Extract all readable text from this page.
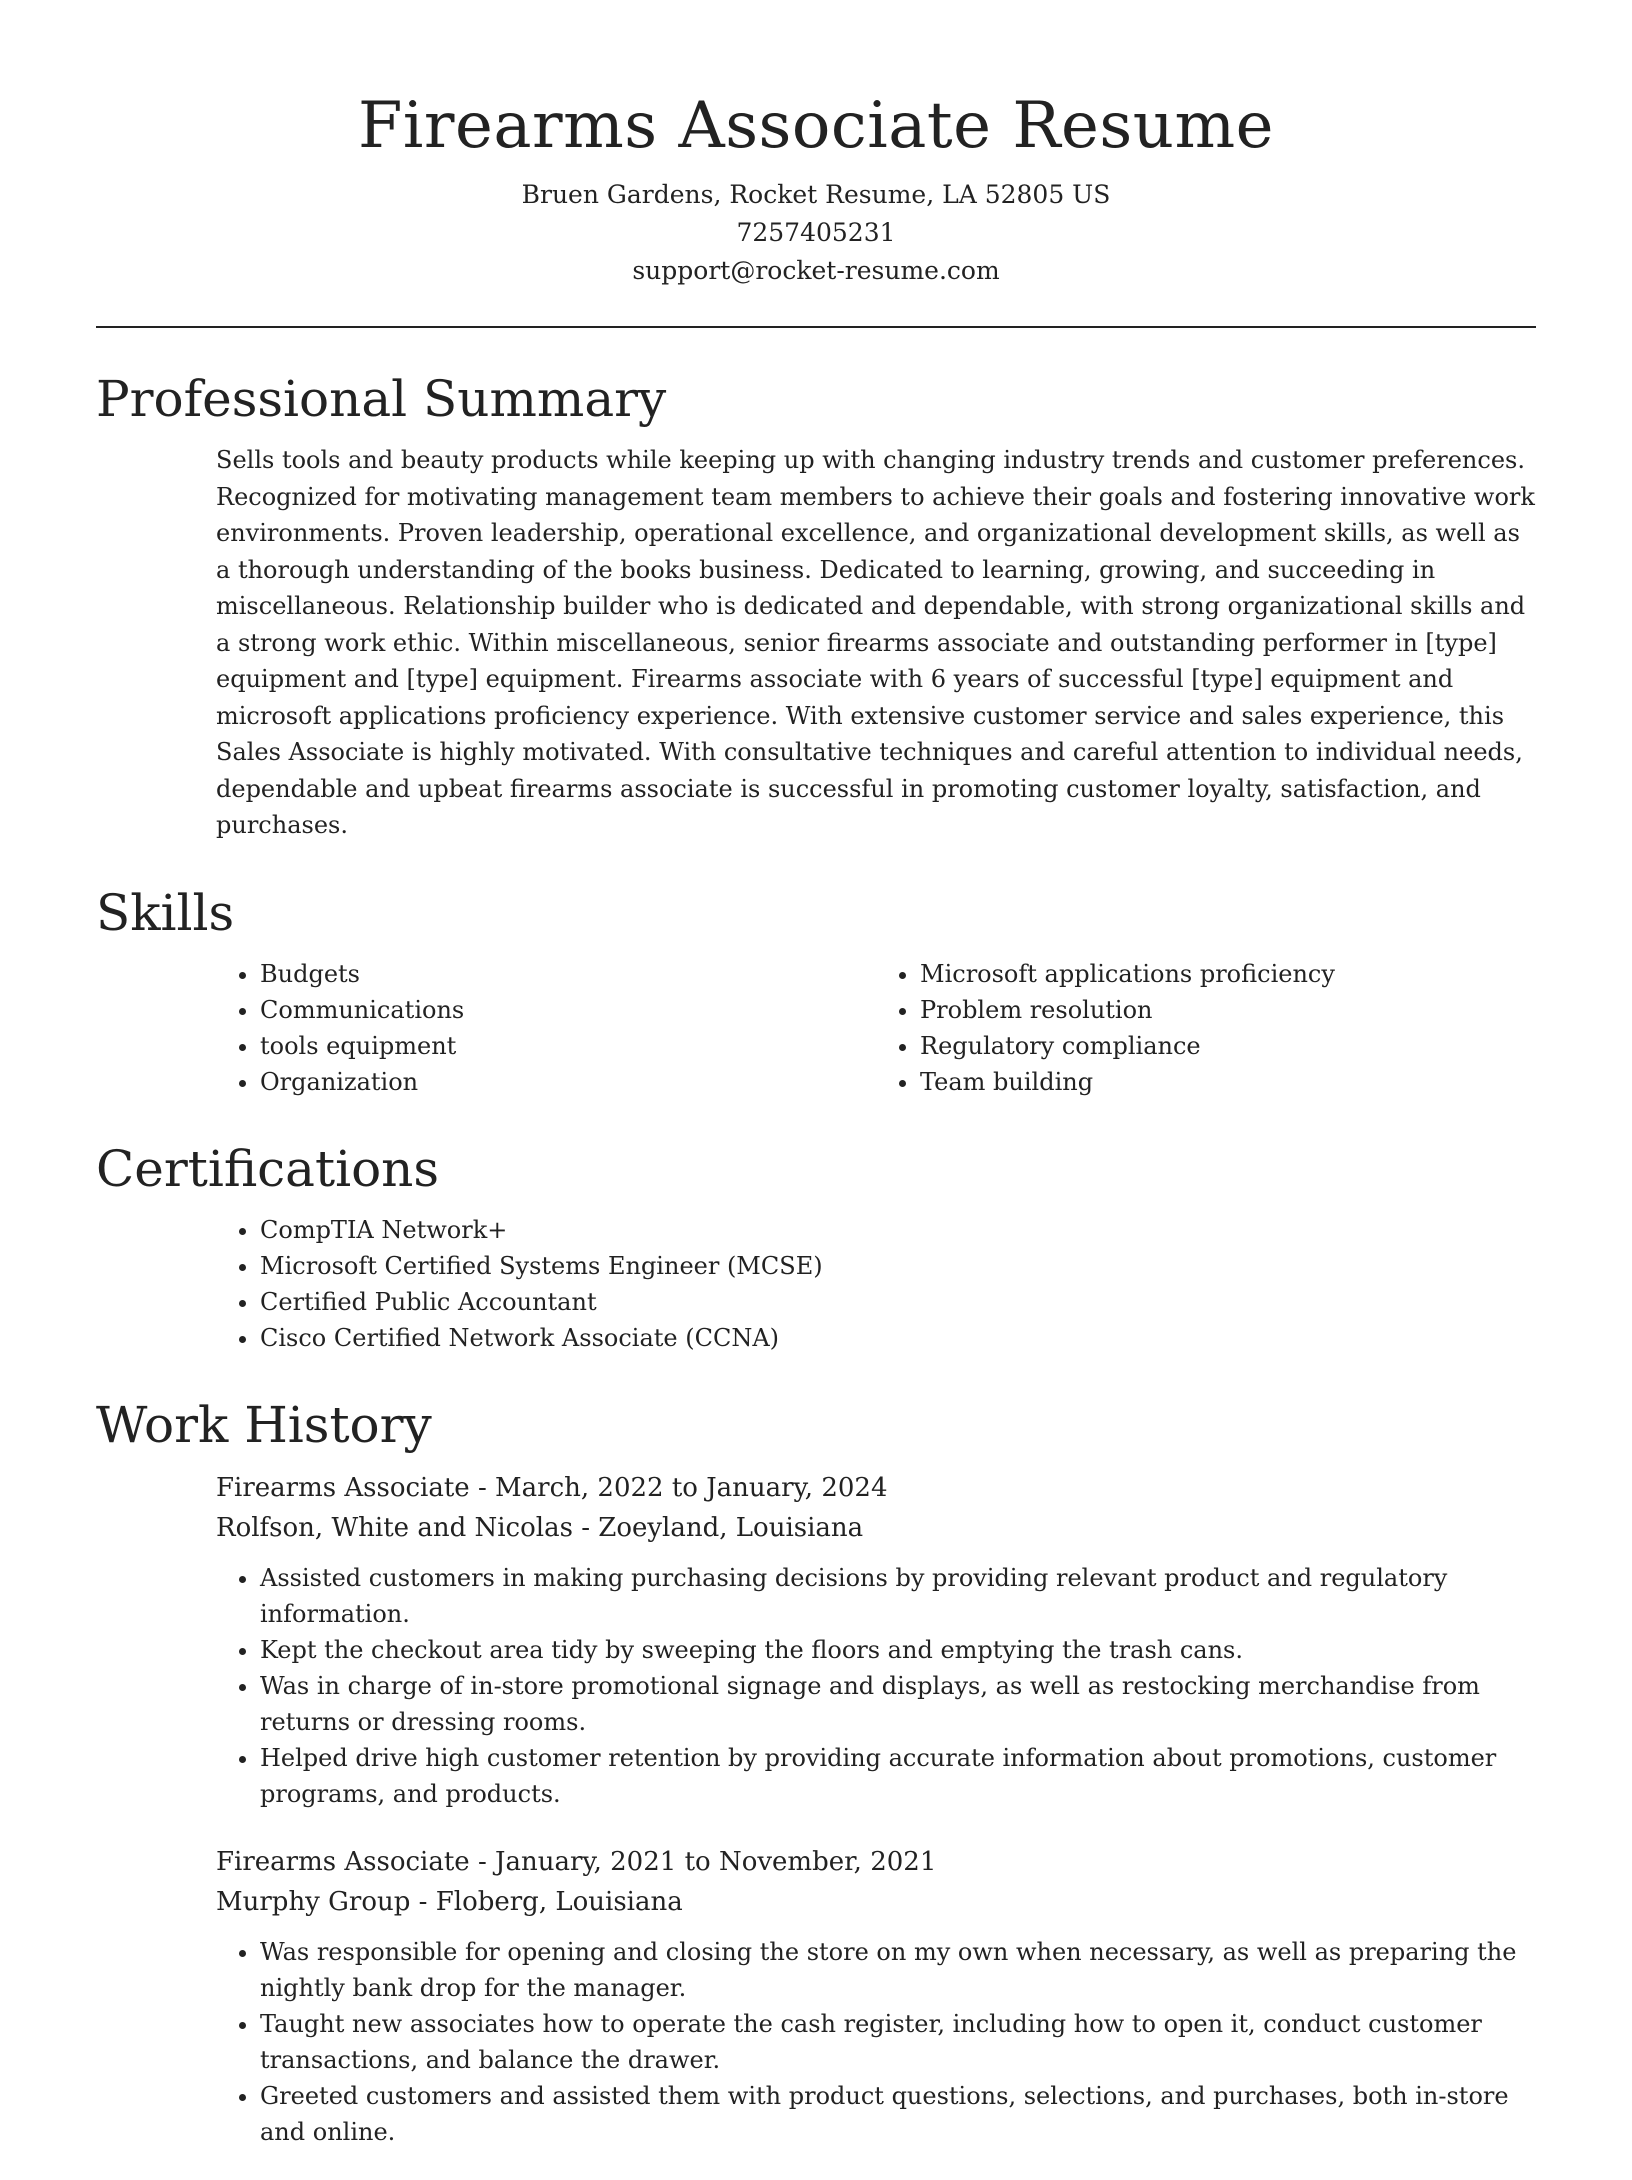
Firearms Associate Resume
Bruen Gardens, Rocket Resume, LA 52805 US
7257405231
support@rocket-resume.com
Professional Summary

Sells tools and beauty products while keeping up with changing industry trends and customer preferences. Recognized for motivating management team members to achieve their goals and fostering innovative work environments. Proven leadership, operational excellence, and organizational development skills, as well as a thorough understanding of the books business. Dedicated to learning, growing, and succeeding in miscellaneous. Relationship builder who is dedicated and dependable, with strong organizational skills and a strong work ethic. Within miscellaneous, senior firearms associate and outstanding performer in [type] equipment and [type] equipment. Firearms associate with 6 years of successful [type] equipment and microsoft applications proficiency experience. With extensive customer service and sales experience, this Sales Associate is highly motivated. With consultative techniques and careful attention to individual needs, dependable and upbeat firearms associate is successful in promoting customer loyalty, satisfaction, and purchases.

Skills
• Budgets
• Communications
• tools equipment
• Organization
• Microsoft applications proficiency
• Problem resolution
• Regulatory compliance
• Team building
Certifications
• CompTIA Network+
• Microsoft Certified Systems Engineer (MCSE)
• Certified Public Accountant
• Cisco Certified Network Associate (CCNA)
Work History
Firearms Associate - March, 2022 to January, 2024
Rolfson, White and Nicolas - Zoeyland, Louisiana
• Assisted customers in making purchasing decisions by providing relevant product and regulatory information.
• Kept the checkout area tidy by sweeping the floors and emptying the trash cans.
• Was in charge of in-store promotional signage and displays, as well as restocking merchandise from returns or dressing rooms.
• Helped drive high customer retention by providing accurate information about promotions, customer programs, and products.
Firearms Associate - January, 2021 to November, 2021
Murphy Group - Floberg, Louisiana
• Was responsible for opening and closing the store on my own when necessary, as well as preparing the nightly bank drop for the manager.
• Taught new associates how to operate the cash register, including how to open it, conduct customer transactions, and balance the drawer.
• Greeted customers and assisted them with product questions, selections, and purchases, both in-store and online.
